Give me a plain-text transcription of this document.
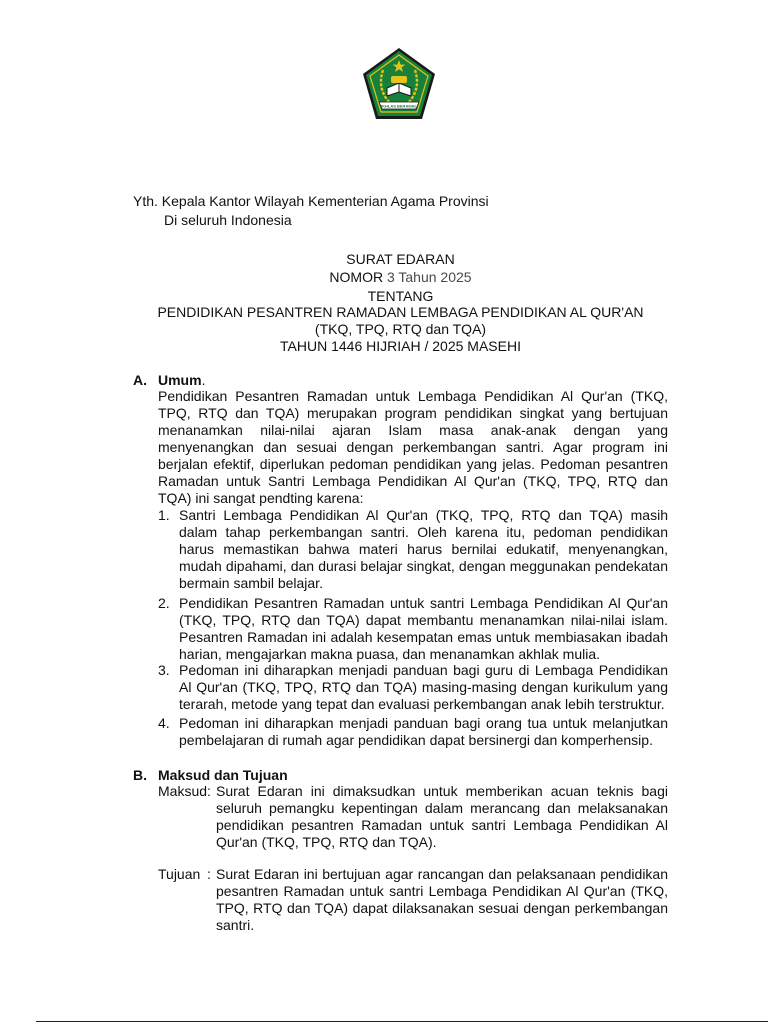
IKHLAS BERAMAL
Yth. Kepala Kantor Wilayah Kementerian Agama Provinsi
Di seluruh Indonesia
SURAT EDARAN
NOMOR 3 Tahun 2025
TENTANG
PENDIDIKAN PESANTREN RAMADAN LEMBAGA PENDIDIKAN AL QUR'AN
(TKQ, TPQ, RTQ dan TQA)
TAHUN 1446 HIJRIAH / 2025 MASEHI
A. Umum.
Pendidikan Pesantren Ramadan untuk Lembaga Pendidikan Al Qur'an (TKQ, TPQ, RTQ dan TQA) merupakan program pendidikan singkat yang bertujuan menanamkan nilai-nilai ajaran Islam masa anak-anak dengan yang menyenangkan dan sesuai dengan perkembangan santri. Agar program ini berjalan efektif, diperlukan pedoman pendidikan yang jelas. Pedoman pesantren Ramadan untuk Santri Lembaga Pendidikan Al Qur'an (TKQ, TPQ, RTQ dan TQA) ini sangat pendting karena:
1. Santri Lembaga Pendidikan Al Qur'an (TKQ, TPQ, RTQ dan TQA) masih dalam tahap perkembangan santri. Oleh karena itu, pedoman pendidikan harus memastikan bahwa materi harus bernilai edukatif, menyenangkan, mudah dipahami, dan durasi belajar singkat, dengan meggunakan pendekatan bermain sambil belajar.
2. Pendidikan Pesantren Ramadan untuk santri Lembaga Pendidikan Al Qur'an (TKQ, TPQ, RTQ dan TQA) dapat membantu menanamkan nilai-nilai islam. Pesantren Ramadan ini adalah kesempatan emas untuk membiasakan ibadah harian, mengajarkan makna puasa, dan menanamkan akhlak mulia.
3. Pedoman ini diharapkan menjadi panduan bagi guru di Lembaga Pendidikan Al Qur'an (TKQ, TPQ, RTQ dan TQA) masing-masing dengan kurikulum yang terarah, metode yang tepat dan evaluasi perkembangan anak lebih terstruktur.
4. Pedoman ini diharapkan menjadi panduan bagi orang tua untuk melanjutkan pembelajaran di rumah agar pendidikan dapat bersinergi dan komperhensip.
B. Maksud dan Tujuan
Maksud : Surat Edaran ini dimaksudkan untuk memberikan acuan teknis bagi seluruh pemangku kepentingan dalam merancang dan melaksanakan pendidikan pesantren Ramadan untuk santri Lembaga Pendidikan Al Qur'an (TKQ, TPQ, RTQ dan TQA).
Tujuan : Surat Edaran ini bertujuan agar rancangan dan pelaksanaan pendidikan pesantren Ramadan untuk santri Lembaga Pendidikan Al Qur'an (TKQ, TPQ, RTQ dan TQA) dapat dilaksanakan sesuai dengan perkembangan santri.
